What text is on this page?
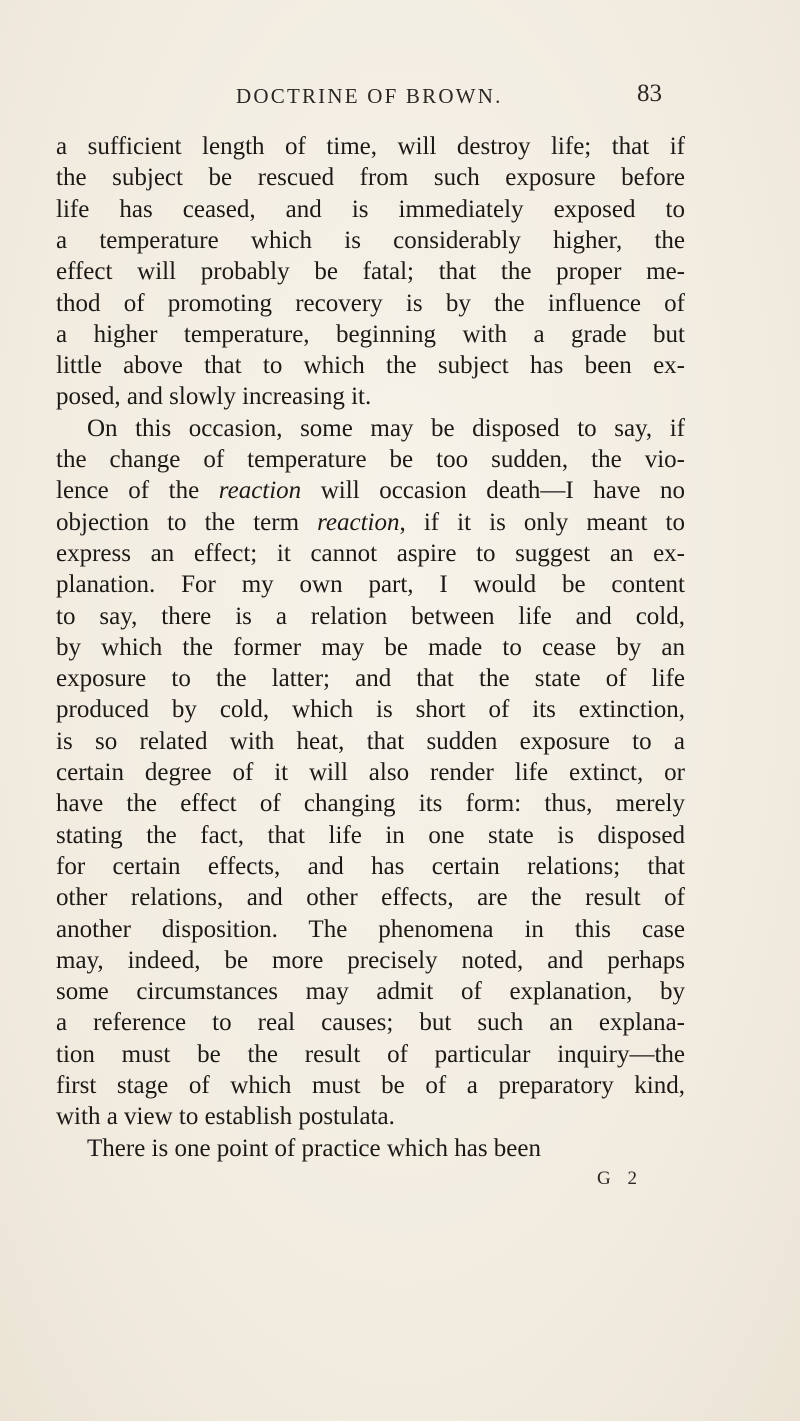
DOCTRINE OF BROWN.	83
a sufficient length of time, will destroy life; that if
the subject be rescued from such exposure before
life has ceased, and is immediately exposed to
a temperature which is considerably higher, the
effect will probably be fatal; that the proper me-
thod of promoting recovery is by the influence of
a higher temperature, beginning with a grade but
little above that to which the subject has been ex-
posed, and slowly increasing it.
On this occasion, some may be disposed to say, if
the change of temperature be too sudden, the vio-
lence of the reaction will occasion death—I have no
objection to the term reaction, if it is only meant to
express an effect; it cannot aspire to suggest an ex-
planation. For my own part, I would be content
to say, there is a relation between life and cold,
by which the former may be made to cease by an
exposure to the latter; and that the state of life
produced by cold, which is short of its extinction,
is so related with heat, that sudden exposure to a
certain degree of it will also render life extinct, or
have the effect of changing its form: thus, merely
stating the fact, that life in one state is disposed
for certain effects, and has certain relations; that
other relations, and other effects, are the result of
another disposition. The phenomena in this case
may, indeed, be more precisely noted, and perhaps
some circumstances may admit of explanation, by
a reference to real causes; but such an explana-
tion must be the result of particular inquiry—the
first stage of which must be of a preparatory kind,
with a view to establish postulata.
There is one point of practice which has been
G 2
